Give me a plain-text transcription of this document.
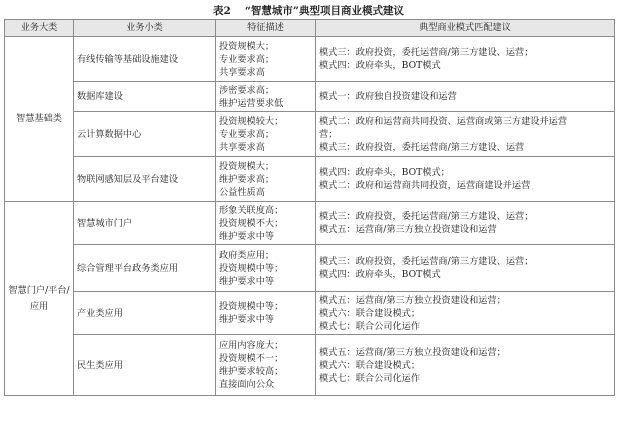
表2 “智慧城市”典型项目商业模式建议
业务大类	业务小类	特征描述	典型商业模式匹配建议

智慧基础类	有线传输等基础设施建设	投资规模大；
专业要求高；
共享要求高	模式三：政府投资，委托运营商/第三方建设、运营；
模式四：政府牵头，BOT模式

	数据库建设	涉密要求高；
维护运营要求低	模式一：政府独自投资建设和运营

	云计算数据中心	投资规模较大；
专业要求高；
共享要求高	模式二：政府和运营商共同投资、运营商或第三方建设并运营
营；
模式三：政府投资，委托运营商/第三方建设、运营

	物联网感知层及平台建设	投资规模大；
维护要求高；
公益性质高	模式四：政府牵头，BOT模式；
模式二：政府和运营商共同投资，运营商建设并运营

智慧门户/平台/
应用	智慧城市门户	形象关联度高；
投资规模不大；
维护要求中等	模式三：政府投资，委托运营商/第三方建设、运营；
模式五：运营商/第三方独立投资建设和运营

	综合管理平台政务类应用	政府类应用；
投资规模中等；
维护要求中等	模式三：政府投资，委托运营商/第三方建设、运营；
模式四：政府牵头，BOT模式

	产业类应用	投资规模中等；
维护要求中等	模式五：运营商/第三方独立投资建设和运营；
模式六：联合建设模式；
模式七：联合公司化运作

	民生类应用	应用内容庞大；
投资规模不一；
维护要求较高；
直接面向公众	模式五：运营商/第三方独立投资建设和运营；
模式六：联合建设模式；
模式七：联合公司化运作
